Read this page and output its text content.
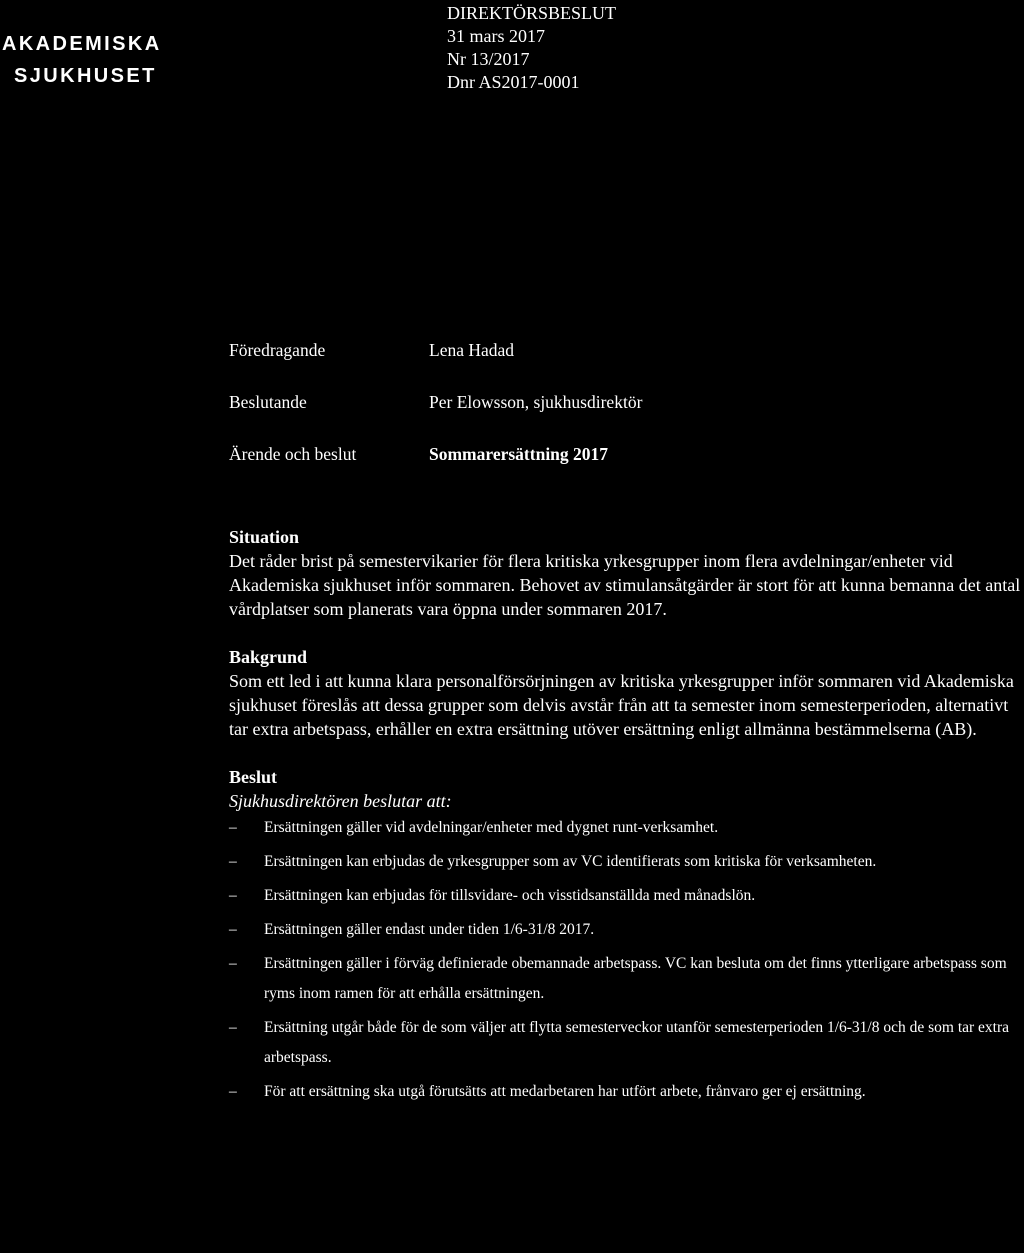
AKADEMISKA
SJUKHUSET
DIREKTÖRSBESLUT
31 mars 2017
Nr 13/2017
Dnr AS2017-0001
Föredragande	Lena Hadad
Beslutande	Per Elowsson, sjukhusdirektör
Ärende och beslut	Sommarersättning 2017
Situation
Det råder brist på semestervikarier för flera kritiska yrkesgrupper inom flera avdelningar/enheter vid Akademiska sjukhuset inför sommaren. Behovet av stimulansåtgärder är stort för att kunna bemanna det antal vårdplatser som planerats vara öppna under sommaren 2017.
Bakgrund
Som ett led i att kunna klara personalförsörjningen av kritiska yrkesgrupper inför sommaren vid Akademiska sjukhuset föreslås att dessa grupper som delvis avstår från att ta semester inom semesterperioden, alternativt tar extra arbetspass, erhåller en extra ersättning utöver ersättning enligt allmänna bestämmelserna (AB).
Beslut
Sjukhusdirektören beslutar att:
– Ersättningen gäller vid avdelningar/enheter med dygnet runt-verksamhet.
– Ersättningen kan erbjudas de yrkesgrupper som av VC identifierats som kritiska för verksamheten.
– Ersättningen kan erbjudas för tillsvidare- och visstidsanställda med månadslön.
– Ersättningen gäller endast under tiden 1/6-31/8 2017.
– Ersättningen gäller i förväg definierade obemannade arbetspass. VC kan besluta om det finns ytterligare arbetspass som ryms inom ramen för att erhålla ersättningen.
– Ersättning utgår både för de som väljer att flytta semesterveckor utanför semesterperioden 1/6-31/8 och de som tar extra arbetspass.
– För att ersättning ska utgå förutsätts att medarbetaren har utfört arbete, frånvaro ger ej ersättning.
